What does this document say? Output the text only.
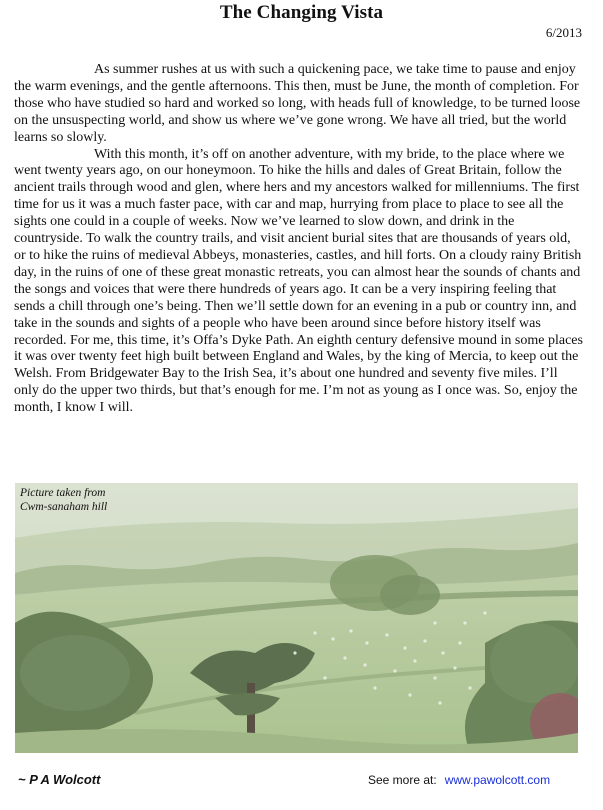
The Changing Vista
6/2013

As summer rushes at us with such a quickening pace, we take time to pause and enjoy the warm evenings, and the gentle afternoons. This then, must be June, the month of completion. For those who have studied so hard and worked so long, with heads full of knowledge, to be turned loose on the unsuspecting world, and show us where we’ve gone wrong. We have all tried, but the world learns so slowly.

With this month, it’s off on another adventure, with my bride, to the place where we went twenty years ago, on our honeymoon. To hike the hills and dales of Great Britain, follow the ancient trails through wood and glen, where hers and my ancestors walked for millenniums. The first time for us it was a much faster pace, with car and map, hurrying from place to place to see all the sights one could in a couple of weeks. Now we’ve learned to slow down, and drink in the countryside. To walk the country trails, and visit ancient burial sites that are thousands of years old, or to hike the ruins of medieval Abbeys, monasteries, castles, and hill forts. On a cloudy rainy British day, in the ruins of one of these great monastic retreats, you can almost hear the sounds of chants and the songs and voices that were there hundreds of years ago. It can be a very inspiring feeling that sends a chill through one’s being. Then we’ll settle down for an evening in a pub or country inn, and take in the sounds and sights of a people who have been around since before history itself was recorded. For me, this time, it’s Offa’s Dyke Path. An eighth century defensive mound in some places it was over twenty feet high built between England and Wales, by the king of Mercia, to keep out the Welsh. From Bridgewater Bay to the Irish Sea, it’s about one hundred and seventy five miles. I’ll only do the upper two thirds, but that’s enough for me. I’m not as young as I once was. So, enjoy the month, I know I will.

Picture taken from
Cwm-sanaham hill
~ P A Wolcott	See more at: www.pawolcott.com
